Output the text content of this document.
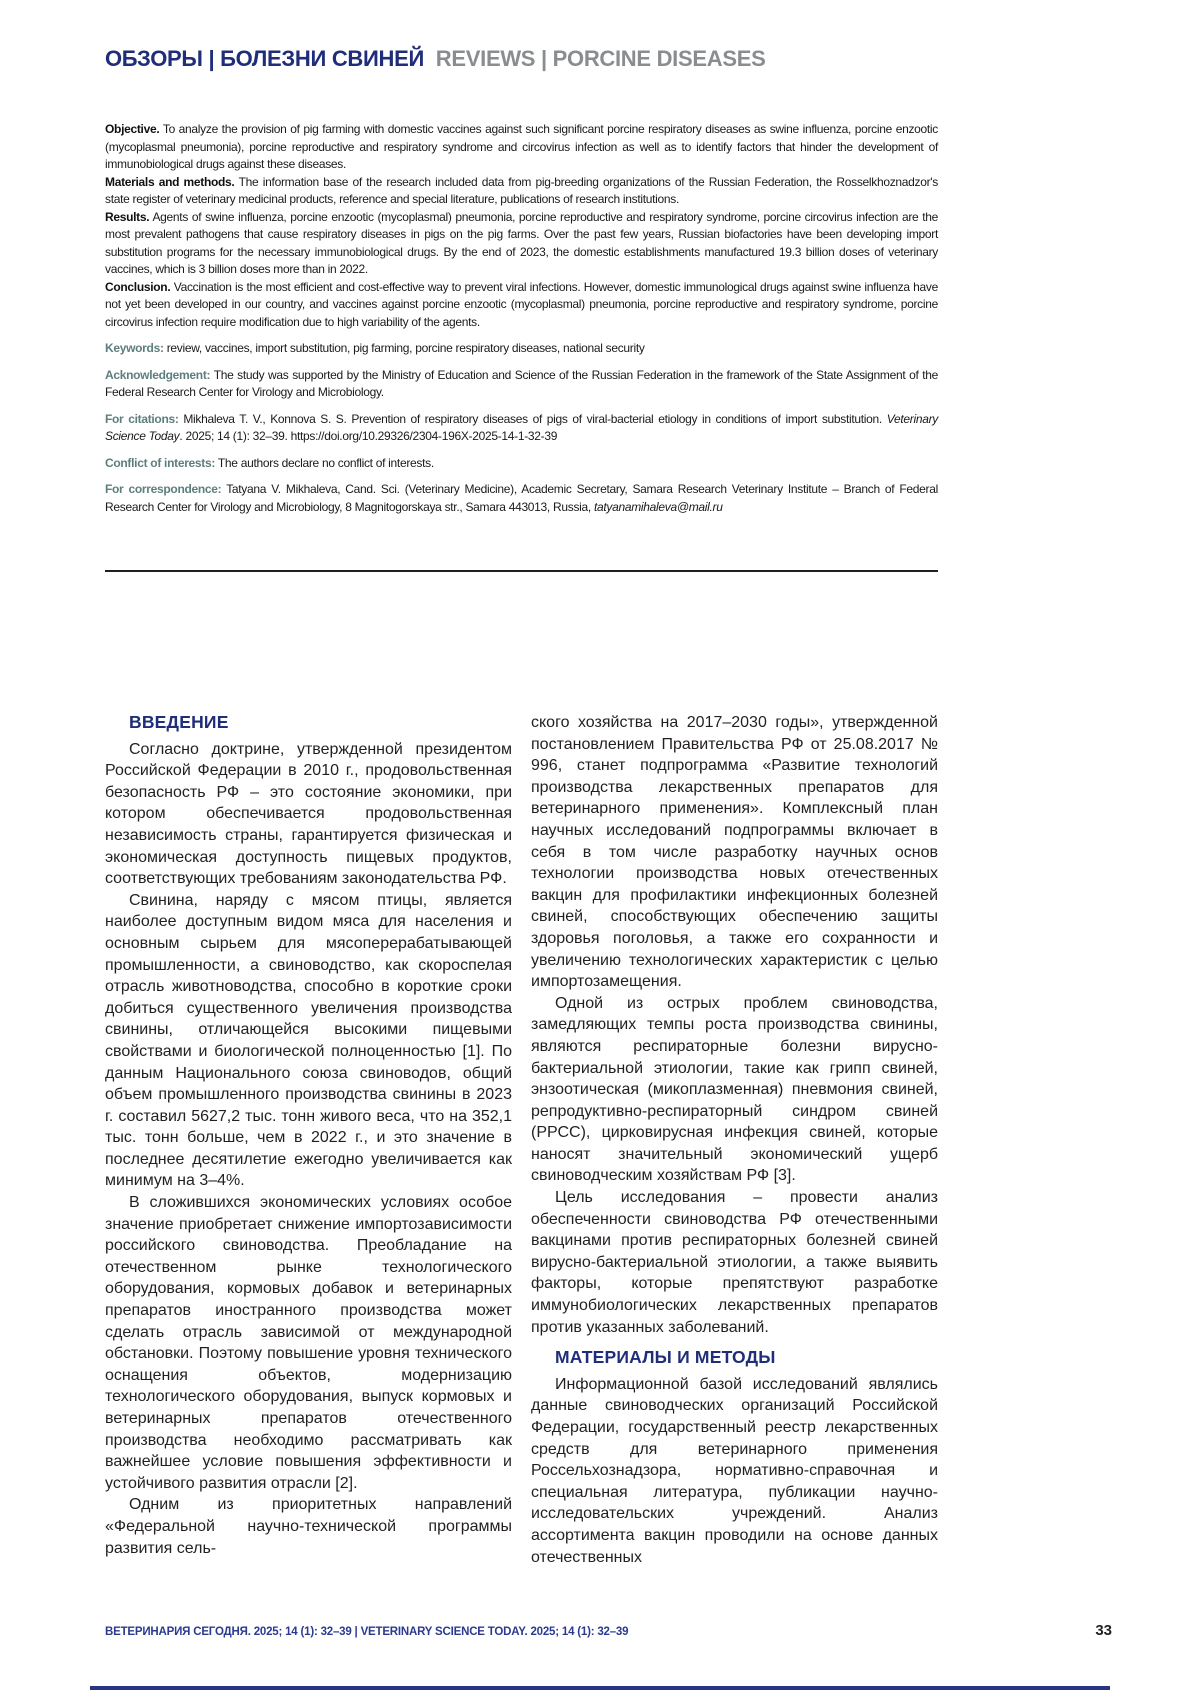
ОБЗОРЫ | БОЛЕЗНИ СВИНЕЙ REVIEWS | PORCINE DISEASES

Objective. To analyze the provision of pig farming with domestic vaccines against such significant porcine respiratory diseases as swine influenza, porcine enzootic (mycoplasmal pneumonia), porcine reproductive and respiratory syndrome and circovirus infection as well as to identify factors that hinder the development of immunobiological drugs against these diseases.

Materials and methods. The information base of the research included data from pig-breeding organizations of the Russian Federation, the Rosselkhoznadzor's state register of veterinary medicinal products, reference and special literature, publications of research institutions.

Results. Agents of swine influenza, porcine enzootic (mycoplasmal) pneumonia, porcine reproductive and respiratory syndrome, porcine circovirus infection are the most prevalent pathogens that cause respiratory diseases in pigs on the pig farms. Over the past few years, Russian biofactories have been developing import substitution programs for the necessary immunobiological drugs. By the end of 2023, the domestic establishments manufactured 19.3 billion doses of veterinary vaccines, which is 3 billion doses more than in 2022.

Conclusion. Vaccination is the most efficient and cost-effective way to prevent viral infections. However, domestic immunological drugs against swine influenza have not yet been developed in our country, and vaccines against porcine enzootic (mycoplasmal) pneumonia, porcine reproductive and respiratory syndrome, porcine circovirus infection require modification due to high variability of the agents.

Keywords: review, vaccines, import substitution, pig farming, porcine respiratory diseases, national security

Acknowledgement: The study was supported by the Ministry of Education and Science of the Russian Federation in the framework of the State Assignment of the Federal Research Center for Virology and Microbiology.

For citations: Mikhaleva T. V., Konnova S. S. Prevention of respiratory diseases of pigs of viral-bacterial etiology in conditions of import substitution. Veterinary Science Today. 2025; 14 (1): 32–39. https://doi.org/10.29326/2304-196X-2025-14-1-32-39

Conflict of interests: The authors declare no conflict of interests.

For correspondence: Tatyana V. Mikhaleva, Cand. Sci. (Veterinary Medicine), Academic Secretary, Samara Research Veterinary Institute – Branch of Federal Research Center for Virology and Microbiology, 8 Magnitogorskaya str., Samara 443013, Russia, tatyanamihaleva@mail.ru

ВВЕДЕНИЕ

Согласно доктрине, утвержденной президентом Российской Федерации в 2010 г., продовольственная безопасность РФ – это состояние экономики, при котором обеспечивается продовольственная независимость страны, гарантируется физическая и экономическая доступность пищевых продуктов, соответствующих требованиям законодательства РФ.

Свинина, наряду с мясом птицы, является наиболее доступным видом мяса для населения и основным сырьем для мясоперерабатывающей промышленности, а свиноводство, как скороспелая отрасль животноводства, способно в короткие сроки добиться существенного увеличения производства свинины, отличающейся высокими пищевыми свойствами и биологической полноценностью [1]. По данным Национального союза свиноводов, общий объем промышленного производства свинины в 2023 г. составил 5627,2 тыс. тонн живого веса, что на 352,1 тыс. тонн больше, чем в 2022 г., и это значение в последнее десятилетие ежегодно увеличивается как минимум на 3–4%.

В сложившихся экономических условиях особое значение приобретает снижение импортозависимости российского свиноводства. Преобладание на отечественном рынке технологического оборудования, кормовых добавок и ветеринарных препаратов иностранного производства может сделать отрасль зависимой от международной обстановки. Поэтому повышение уровня технического оснащения объектов, модернизацию технологического оборудования, выпуск кормовых и ветеринарных препаратов отечественного производства необходимо рассматривать как важнейшее условие повышения эффективности и устойчивого развития отрасли [2].

Одним из приоритетных направлений «Федеральной научно-технической программы развития сель-

ского хозяйства на 2017–2030 годы», утвержденной постановлением Правительства РФ от 25.08.2017 № 996, станет подпрограмма «Развитие технологий производства лекарственных препаратов для ветеринарного применения». Комплексный план научных исследований подпрограммы включает в себя в том числе разработку научных основ технологии производства новых отечественных вакцин для профилактики инфекционных болезней свиней, способствующих обеспечению защиты здоровья поголовья, а также его сохранности и увеличению технологических характеристик с целью импортозамещения.

Одной из острых проблем свиноводства, замедляющих темпы роста производства свинины, являются респираторные болезни вирусно-бактериальной этиологии, такие как грипп свиней, энзоотическая (микоплазменная) пневмония свиней, репродуктивно-респираторный синдром свиней (РРСС), цирковирусная инфекция свиней, которые наносят значительный экономический ущерб свиноводческим хозяйствам РФ [3].

Цель исследования – провести анализ обеспеченности свиноводства РФ отечественными вакцинами против респираторных болезней свиней вирусно-бактериальной этиологии, а также выявить факторы, которые препятствуют разработке иммунобиологических лекарственных препаратов против указанных заболеваний.

МАТЕРИАЛЫ И МЕТОДЫ

Информационной базой исследований являлись данные свиноводческих организаций Российской Федерации, государственный реестр лекарственных средств для ветеринарного применения Россельхознадзора, нормативно-справочная и специальная литература, публикации научно-исследовательских учреждений. Анализ ассортимента вакцин проводили на основе данных отечественных

ВЕТЕРИНАРИЯ СЕГОДНЯ. 2025; 14 (1): 32–39 | VETERINARY SCIENCE TODAY. 2025; 14 (1): 32–39	33
